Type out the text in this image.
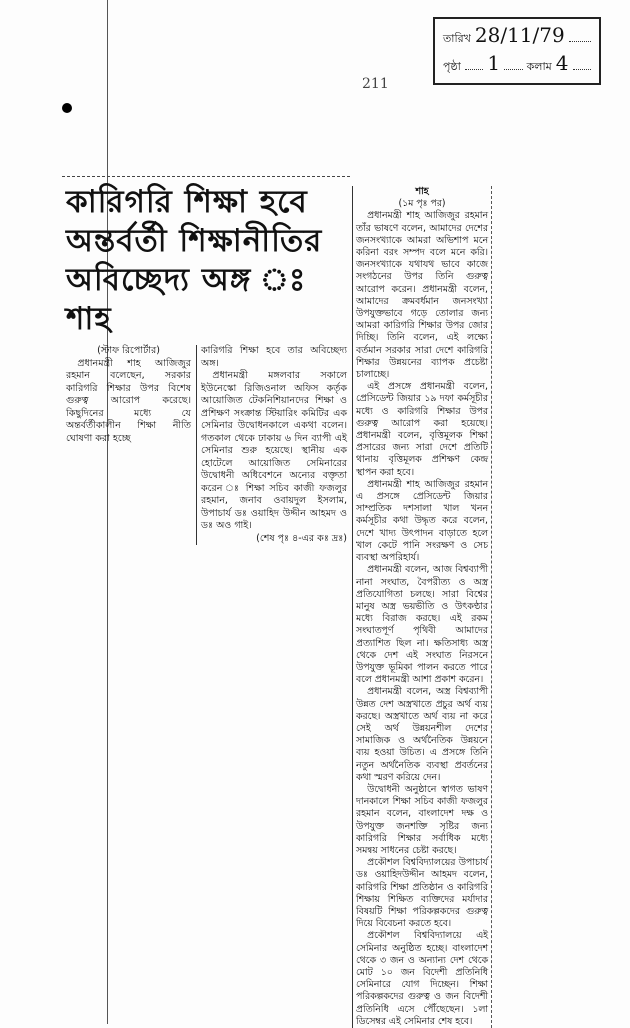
তারিখ 28/11/79
পৃষ্ঠা 1 কলাম 4
211
কারিগরি শিক্ষা হবে অন্তর্বর্তী শিক্ষানীতির অবিচ্ছেদ্য অঙ্গ ঃ শাহ
(স্টাফ রিপোর্টার)

প্রধানমন্ত্রী শাহ আজিজুর রহমান বলেছেন, সরকার কারিগরি শিক্ষার উপর বিশেষ গুরুত্ব আরোপ করেছে। কিছুদিনের মধ্যে যে অন্তর্বর্তীকালীন শিক্ষা নীতি ঘোষণা করা হচ্ছে

কারিগরি শিক্ষা হবে তার অবিচ্ছেদ্য অঙ্গ।

প্রধানমন্ত্রী মঙ্গলবার সকালে ইউনেস্কো রিজিওনাল অফিস কর্তৃক আয়োজিত টেকনিশিয়ানদের শিক্ষা ও প্রশিক্ষণ সংক্রান্ত স্টিয়ারিং কমিটির এক সেমিনার উদ্বোধনকালে একথা বলেন। গতকাল থেকে ঢাকায় ৬ দিন ব্যাপী এই সেমিনার শুরু হয়েছে। স্থানীয় এক হোটেলে আয়োজিত সেমিনারের উদ্বোধনী অধিবেশনে অন্যের বক্তৃতা করেন ঃ শিক্ষা সচিব কাজী ফজলুর রহমান, জনাব ওবায়দুল ইসলাম, উপাচার্য ডঃ ওয়াহিদ উদ্দীন আহমদ ও ডঃ অও গাই।

(শেষ পৃঃ ৪-এর কঃ দ্রঃ)
শাহ
(১ম পৃঃ পর)

প্রধানমন্ত্রী শাহ আজিজুর রহমান তাঁর ভাষণে বলেন, আমাদের দেশের জনসংখ্যাকে আমরা অভিশাপ মনে করিনা বরং সম্পদ বলে মনে করি। জনসংখ্যাকে যথাযথ ভাবে কাজে সংগঠনের উপর তিনি গুরুত্ব আরোপ করেন। প্রধানমন্ত্রী বলেন, আমাদের ক্রমবর্ধমান জনসংখ্যা উপযুক্তভাবে গড়ে তোলার জন্য আমরা কারিগরি শিক্ষার উপর জোর দিচ্ছি। তিনি বলেন, এই লক্ষ্যে বর্তমান সরকার সারা দেশে কারিগরি শিক্ষার উন্নয়নের ব্যাপক প্রচেষ্টা চালাচ্ছে।

এই প্রসঙ্গে প্রধানমন্ত্রী বলেন, প্রেসিডেন্ট জিয়ার ১৯ দফা কর্মসূচীর মধ্যে ও কারিগরি শিক্ষার উপর গুরুত্ব আরোপ করা হয়েছে। প্রধানমন্ত্রী বলেন, বৃত্তিমূলক শিক্ষা প্রসারের জন্য সারা দেশে প্রতিটি থানায় বৃত্তিমূলক প্রশিক্ষণ কেন্দ্র স্থাপন করা হবে।

প্রধানমন্ত্রী শাহ আজিজুর রহমান এ প্রসঙ্গে প্রেসিডেন্ট জিয়ার সাম্প্রতিক দশসালা খাল খনন কর্মসূচীর কথা উদ্ধৃত করে বলেন, দেশে খাদ্য উৎপাদন বাড়াতে হলে খাল কেটে পানি সংরক্ষণ ও সেচ ব্যবস্থা অপরিহার্য।

প্রধানমন্ত্রী বলেন, আজ বিশ্বব্যাপী নানা সংঘাত, বৈপরীত্য ও অস্ত্র প্রতিযোগিতা চলছে। সারা বিশ্বের মানুষ অস্ত্র ভয়ভীতি ও উৎকণ্ঠার মধ্যে বিরাজ করছে। এই রকম সংঘাতপূর্ণ পৃথিবী আমাদের প্রত্যাশিত ছিল না। ক্ষতিসাধ্য অস্ত্র থেকে দেশ এই সংঘাত নিরসনে উপযুক্ত ভূমিকা পালন করতে পারে বলে প্রধানমন্ত্রী আশা প্রকাশ করেন।

প্রধানমন্ত্রী বলেন, অস্ত্র বিশ্বব্যাপী উন্নত দেশ অস্ত্রখাতে প্রচুর অর্থ ব্যয় করছে। অস্ত্রখাতে অর্থ ব্যয় না করে সেই অর্থ উন্নয়নশীল দেশের সামাজিক ও অর্থনৈতিক উন্নয়নে ব্যয় হওয়া উচিত। এ প্রসঙ্গে তিনি নতুন অর্থনৈতিক ব্যবস্থা প্রবর্তনের কথা স্মরণ করিয়ে দেন।

উদ্বোধনী অনুষ্ঠানে স্বাগত ভাষণ দানকালে শিক্ষা সচিব কাজী ফজলুর রহমান বলেন, বাংলাদেশ দক্ষ ও উপযুক্ত জনশক্তি সৃষ্টির জন্য কারিগরি শিক্ষার সর্বাধিক মধ্যে সমন্বয় সাধনের চেষ্টা করছে।

প্রকৌশল বিশ্ববিদ্যালয়ের উপাচার্য ডঃ ওয়াহিদউদ্দীন আহমদ বলেন, কারিগরি শিক্ষা প্রতিষ্ঠান ও কারিগরি শিক্ষায় শিক্ষিত ব্যক্তিদের মর্যাদার বিষয়টি শিক্ষা পরিকল্পকদের গুরুত্ব দিয়ে বিবেচনা করতে হবে।

প্রকৌশল বিশ্ববিদ্যালয়ে এই সেমিনার অনুষ্ঠিত হচ্ছে। বাংলাদেশ থেকে ৩ জন ও অন্যান্য দেশ থেকে মোট ১০ জন বিদেশী প্রতিনিধি সেমিনারে যোগ দিচ্ছেন। শিক্ষা পরিকল্পকদের গুরুত্ব ও জন বিদেশী প্রতিনিধি এসে পৌঁছেছেন। ১লা ডিসেম্বর এই সেমিনার শেষ হবে।
